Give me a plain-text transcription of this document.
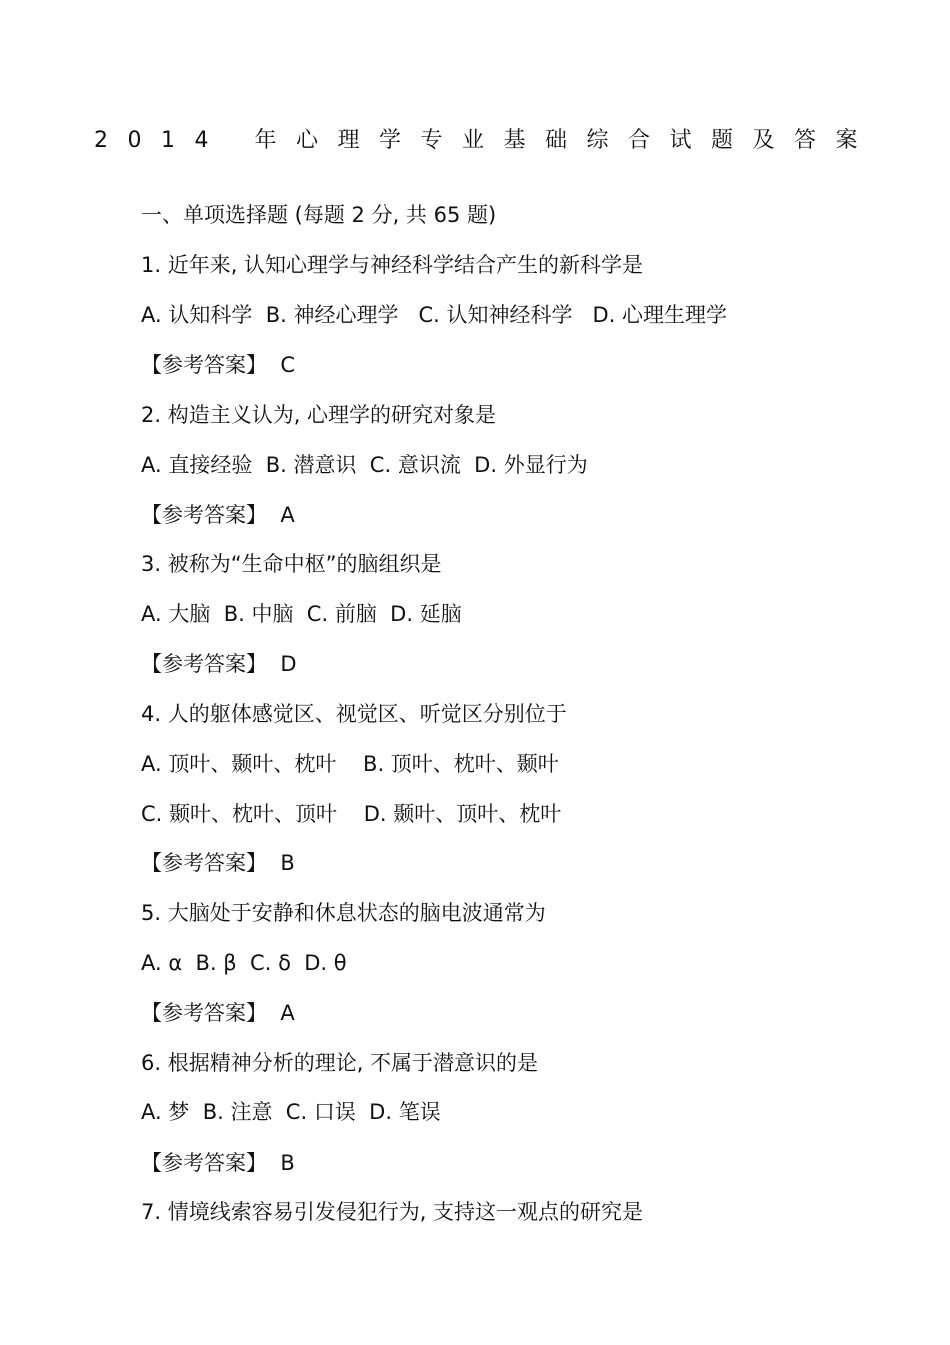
2014 年心理学专业基础综合试题及答案
一、单项选择题 (每题 2 分, 共 65 题)
1. 近年来, 认知心理学与神经科学结合产生的新科学是
A. 认知科学  B. 神经心理学   C. 认知神经科学   D. 心理生理学
【参考答案】  C
2. 构造主义认为, 心理学的研究对象是
A. 直接经验  B. 潜意识  C. 意识流  D. 外显行为
【参考答案】  A
3. 被称为“生命中枢”的脑组织是
A. 大脑  B. 中脑  C. 前脑  D. 延脑
【参考答案】  D
4. 人的躯体感觉区、视觉区、听觉区分别位于
A. 顶叶、颞叶、枕叶    B. 顶叶、枕叶、颞叶
C. 颞叶、枕叶、顶叶    D. 颞叶、顶叶、枕叶
【参考答案】  B
5. 大脑处于安静和休息状态的脑电波通常为
A. α  B. β  C. δ  D. θ
【参考答案】  A
6. 根据精神分析的理论, 不属于潜意识的是
A. 梦  B. 注意  C. 口误  D. 笔误
【参考答案】  B
7. 情境线索容易引发侵犯行为, 支持这一观点的研究是
